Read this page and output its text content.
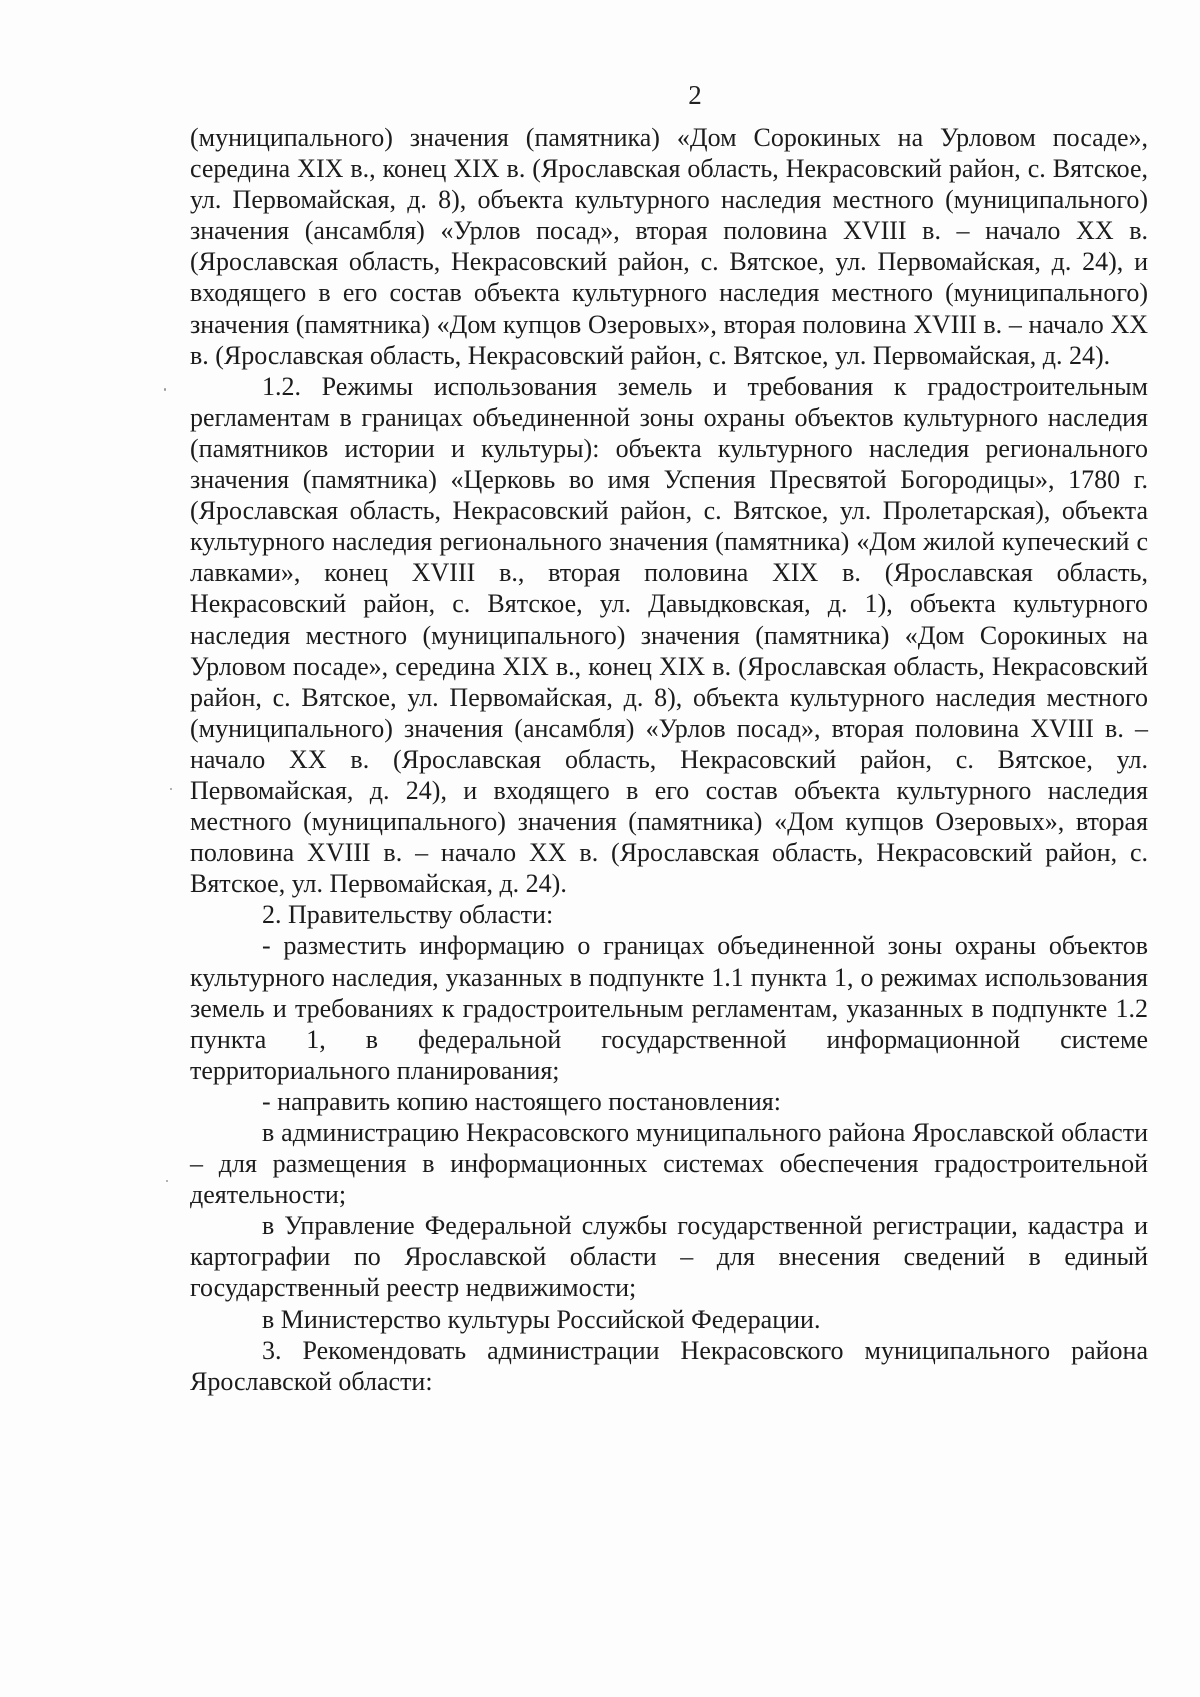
2

(муниципального) значения (памятника) «Дом Сорокиных на Урловом посаде», середина XIX в., конец XIX в. (Ярославская область, Некрасовский район, с. Вятское, ул. Первомайская, д. 8), объекта культурного наследия местного (муниципального) значения (ансамбля) «Урлов посад», вторая половина XVIII в. – начало XX в. (Ярославская область, Некрасовский район, с. Вятское, ул. Первомайская, д. 24), и входящего в его состав объекта культурного наследия местного (муниципального) значения (памятника) «Дом купцов Озеровых», вторая половина XVIII в. – начало XX в. (Ярославская область, Некрасовский район, с. Вятское, ул. Первомайская, д. 24).

1.2. Режимы использования земель и требования к градостроительным регламентам в границах объединенной зоны охраны объектов культурного наследия (памятников истории и культуры): объекта культурного наследия регионального значения (памятника) «Церковь во имя Успения Пресвятой Богородицы», 1780 г. (Ярославская область, Некрасовский район, с. Вятское, ул. Пролетарская), объекта культурного наследия регионального значения (памятника) «Дом жилой купеческий с лавками», конец XVIII в., вторая половина XIX в. (Ярославская область, Некрасовский район, с. Вятское, ул. Давыдковская, д. 1), объекта культурного наследия местного (муниципального) значения (памятника) «Дом Сорокиных на Урловом посаде», середина XIX в., конец XIX в. (Ярославская область, Некрасовский район, с. Вятское, ул. Первомайская, д. 8), объекта культурного наследия местного (муниципального) значения (ансамбля) «Урлов посад», вторая половина XVIII в. – начало XX в. (Ярославская область, Некрасовский район, с. Вятское, ул. Первомайская, д. 24), и входящего в его состав объекта культурного наследия местного (муниципального) значения (памятника) «Дом купцов Озеровых», вторая половина XVIII в. – начало XX в. (Ярославская область, Некрасовский район, с. Вятское, ул. Первомайская, д. 24).

2. Правительству области:

- разместить информацию о границах объединенной зоны охраны объектов культурного наследия, указанных в подпункте 1.1 пункта 1, о режимах использования земель и требованиях к градостроительным регламентам, указанных в подпункте 1.2 пункта 1, в федеральной государственной информационной системе территориального планирования;

- направить копию настоящего постановления:

в администрацию Некрасовского муниципального района Ярославской области – для размещения в информационных системах обеспечения градостроительной деятельности;

в Управление Федеральной службы государственной регистрации, кадастра и картографии по Ярославской области – для внесения сведений в единый государственный реестр недвижимости;

в Министерство культуры Российской Федерации.

3. Рекомендовать администрации Некрасовского муниципального района Ярославской области:
